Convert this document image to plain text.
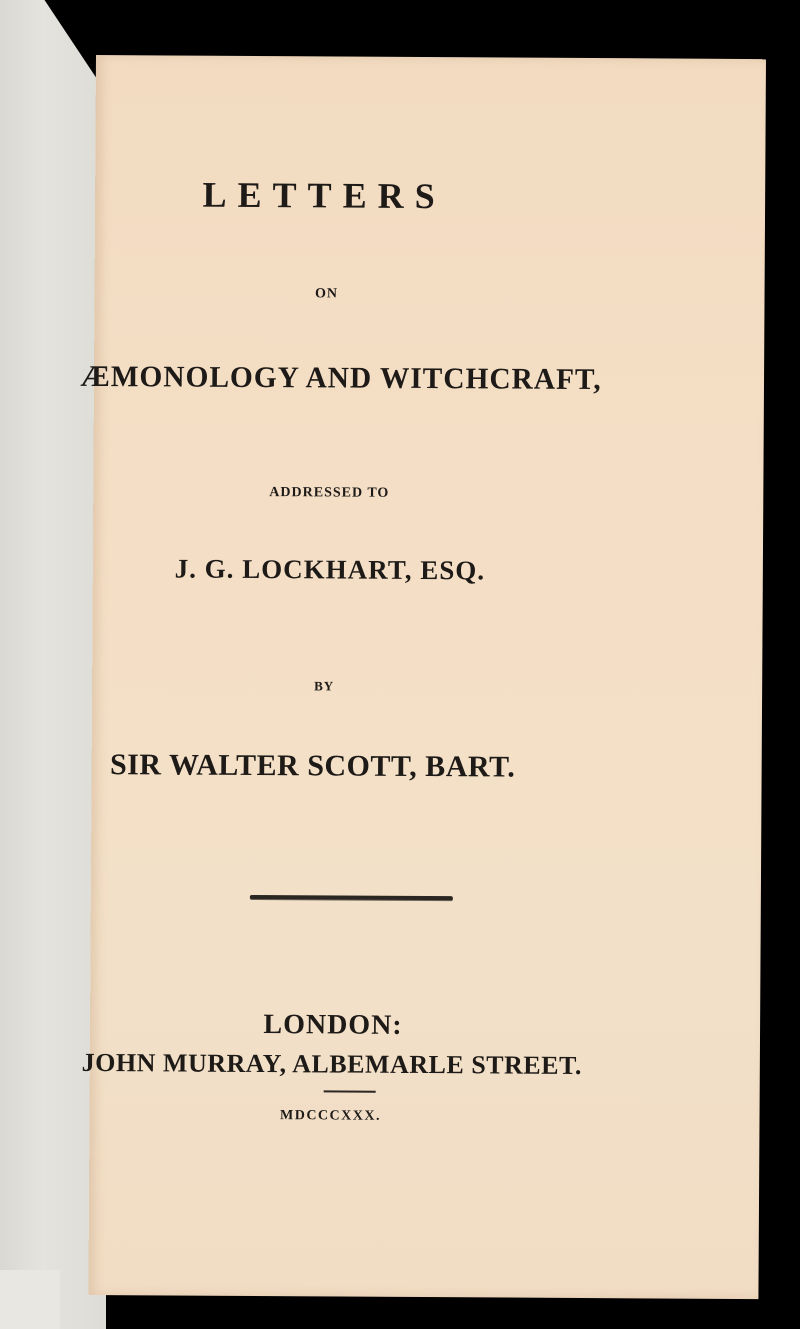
LETTERS
ON
ÆMONOLOGY AND WITCHCRAFT,
ADDRESSED TO
J. G. LOCKHART, ESQ.
BY
SIR WALTER SCOTT, BART.
LONDON:
JOHN MURRAY, ALBEMARLE STREET.
MDCCCXXX.
